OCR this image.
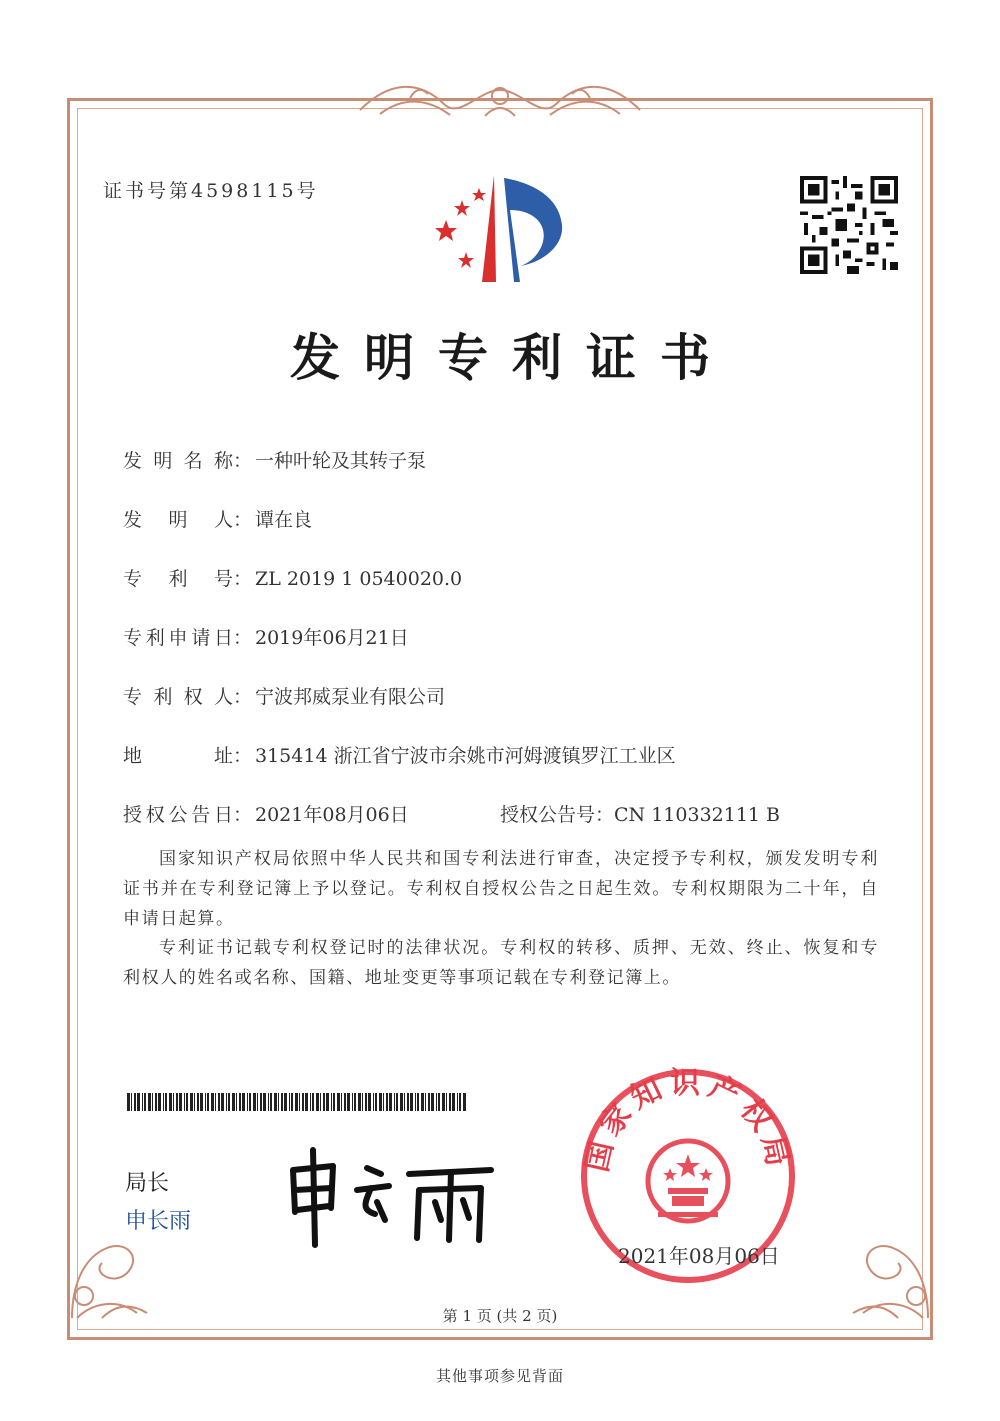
证书号第4598115号
发明专利证书
发 明 名 称 ： 一种叶轮及其转子泵
发 明 人 ： 谭在良
专 利 号 ： ZL 2019 1 0540020.0
专 利 申 请 日 ： 2019年06月21日
专 利 权 人 ： 宁波邦威泵业有限公司
地	址 ： 315414 浙江省宁波市余姚市河姆渡镇罗江工业区
授 权 公 告 日 ： 2021年08月06日	授权公告号：CN 110332111 B
国家知识产权局依照中华人民共和国专利法进行审查，决定授予专利权，颁发发明专利证书并在专利登记簿上予以登记。专利权自授权公告之日起生效。专利权期限为二十年，自申请日起算。
专利证书记载专利权登记时的法律状况。专利权的转移、质押、无效、终止、恢复和专利权人的姓名或名称、国籍、地址变更等事项记载在专利登记簿上。
局长
申长雨
国家知识产权局
2021年08月06日
第 1 页 (共 2 页)
其他事项参见背面
